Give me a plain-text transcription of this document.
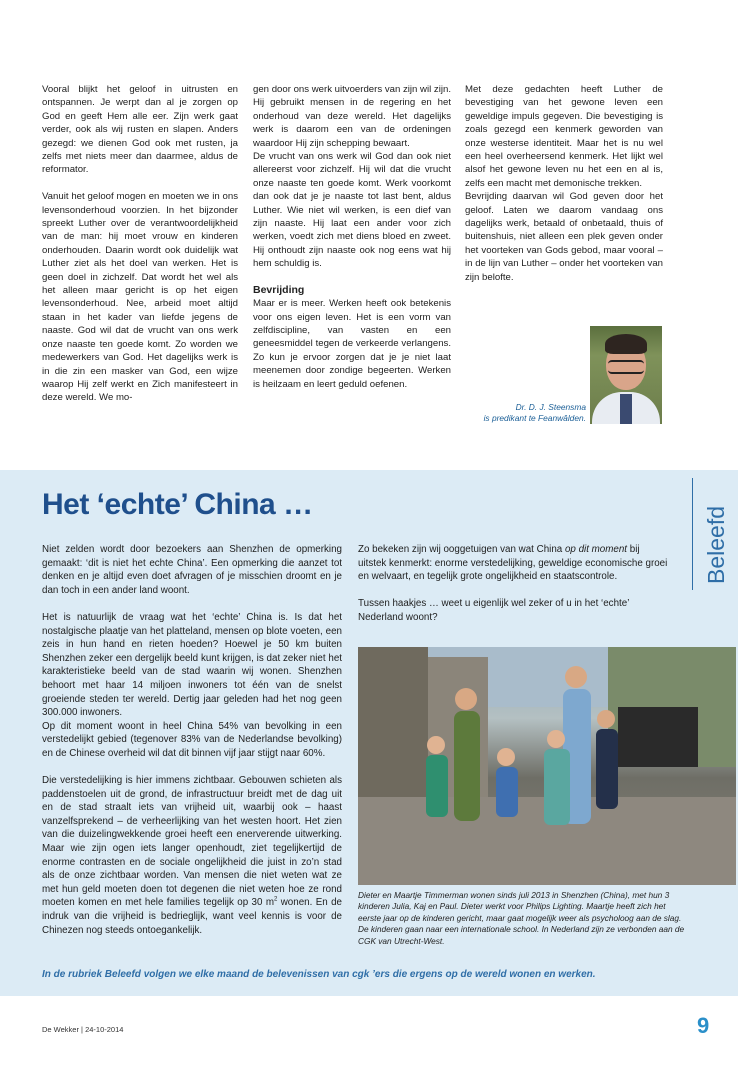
Vooral blijkt het geloof in uitrusten en ontspannen. Je werpt dan al je zorgen op God en geeft Hem alle eer. Zijn werk gaat verder, ook als wij rusten en slapen. Anders gezegd: we dienen God ook met rusten, ja zelfs met niets meer dan daarmee, aldus de reformator.

Vanuit het geloof mogen en moeten we in ons levensonderhoud voorzien. In het bijzonder spreekt Luther over de verantwoordelijkheid van de man: hij moet vrouw en kinderen onderhouden. Daarin wordt ook duidelijk wat Luther ziet als het doel van werken. Het is geen doel in zichzelf. Dat wordt het wel als het alleen maar gericht is op het eigen levensonderhoud. Nee, arbeid moet altijd staan in het kader van liefde jegens de naaste. God wil dat de vrucht van ons werk onze naaste ten goede komt. Zo worden we medewerkers van God. Het dagelijks werk is in die zin een masker van God, een wijze waarop Hij zelf werkt en Zich manifesteert in deze wereld. We mo-

gen door ons werk uitvoerders van zijn wil zijn. Hij gebruikt mensen in de regering en het onderhoud van deze wereld. Het dagelijks werk is daarom een van de ordeningen waardoor Hij zijn schepping bewaart.

De vrucht van ons werk wil God dan ook niet allereerst voor zichzelf. Hij wil dat die vrucht onze naaste ten goede komt. Werk voorkomt dan ook dat je je naaste tot last bent, aldus Luther. Wie niet wil werken, is een dief van zijn naaste. Hij laat een ander voor zich werken, voedt zich met diens bloed en zweet. Hij onthoudt zijn naaste ook nog eens wat hij hem schuldig is.

Bevrijding

Maar er is meer. Werken heeft ook betekenis voor ons eigen leven. Het is een vorm van zelfdiscipline, van vasten en een geneesmiddel tegen de verkeerde verlangens. Zo kun je ervoor zorgen dat je je niet laat meenemen door zondige begeerten. Werken is heilzaam en leert geduld oefenen.

Met deze gedachten heeft Luther de bevestiging van het gewone leven een geweldige impuls gegeven. Die bevestiging is zoals gezegd een kenmerk geworden van onze westerse identiteit. Maar het is nu wel een heel overheersend kenmerk. Het lijkt wel alsof het gewone leven nu het een en al is, zelfs een macht met demonische trekken.

Bevrijding daarvan wil God geven door het geloof. Laten we daarom vandaag ons dagelijks werk, betaald of onbetaald, thuis of buitenshuis, niet alleen een plek geven onder het voorteken van Gods gebod, maar vooral – in de lijn van Luther – onder het voorteken van zijn belofte.

Dr. D. J. Steensma
is predikant te Feanwâlden.
Het ‘echte’ China …
Beleefd

Niet zelden wordt door bezoekers aan Shenzhen de opmerking gemaakt: ‘dit is niet het echte China’. Een opmerking die aanzet tot denken en je altijd even doet afvragen of je misschien droomt en je dan toch in een ander land woont.

Het is natuurlijk de vraag wat het ‘echte’ China is. Is dat het nostalgische plaatje van het platteland, mensen op blote voeten, een zeis in hun hand en rieten hoeden? Hoewel je 50 km buiten Shenzhen zeker een dergelijk beeld kunt krijgen, is dat zeker niet het karakteristieke beeld van de stad waarin wij wonen. Shenzhen behoort met haar 14 miljoen inwoners tot één van de snelst groeiende steden ter wereld. Dertig jaar geleden had het nog geen 300.000 inwoners.

Op dit moment woont in heel China 54% van bevolking in een verstedelijkt gebied (tegenover 83% van de Nederlandse bevolking) en de Chinese overheid wil dat dit binnen vijf jaar stijgt naar 60%.

Die verstedelijking is hier immens zichtbaar. Gebouwen schieten als paddenstoelen uit de grond, de infrastructuur breidt met de dag uit en de stad straalt iets van vrijheid uit, waarbij ook – haast vanzelfsprekend – de verheerlijking van het westen hoort. Het zien van die duizelingwekkende groei heeft een enerverende uitwerking. Maar wie zijn ogen iets langer openhoudt, ziet tegelijkertijd de enorme contrasten en de sociale ongelijkheid die juist in zo’n stad als de onze zichtbaar worden. Van mensen die niet weten wat ze met hun geld moeten doen tot degenen die niet weten hoe ze rond moeten komen en met hele families tegelijk op 30 $m^2$ wonen. En de indruk van die vrijheid is bedrieglijk, want veel kennis is voor de Chinezen nog steeds ontoegankelijk.

Zo bekeken zijn wij ooggetuigen van wat China op dit moment bij uitstek kenmerkt: enorme verstedelijking, geweldige economische groei en welvaart, en tegelijk grote ongelijkheid en staatscontrole.

Tussen haakjes … weet u eigenlijk wel zeker of u in het ‘echte’ Nederland woont?

Dieter en Maartje Timmerman wonen sinds juli 2013 in Shenzhen (China), met hun 3 kinderen Julia, Kaj en Paul. Dieter werkt voor Philips Lighting. Maartje heeft zich het eerste jaar op de kinderen gericht, maar gaat mogelijk weer als psycholoog aan de slag. De kinderen gaan naar een internationale school. In Nederland zijn ze verbonden aan de CGK van Utrecht-West.
In de rubriek Beleefd volgen we elke maand de belevenissen van cgk ’ers die ergens op de wereld wonen en werken.
De Wekker | 24-10-2014	9
